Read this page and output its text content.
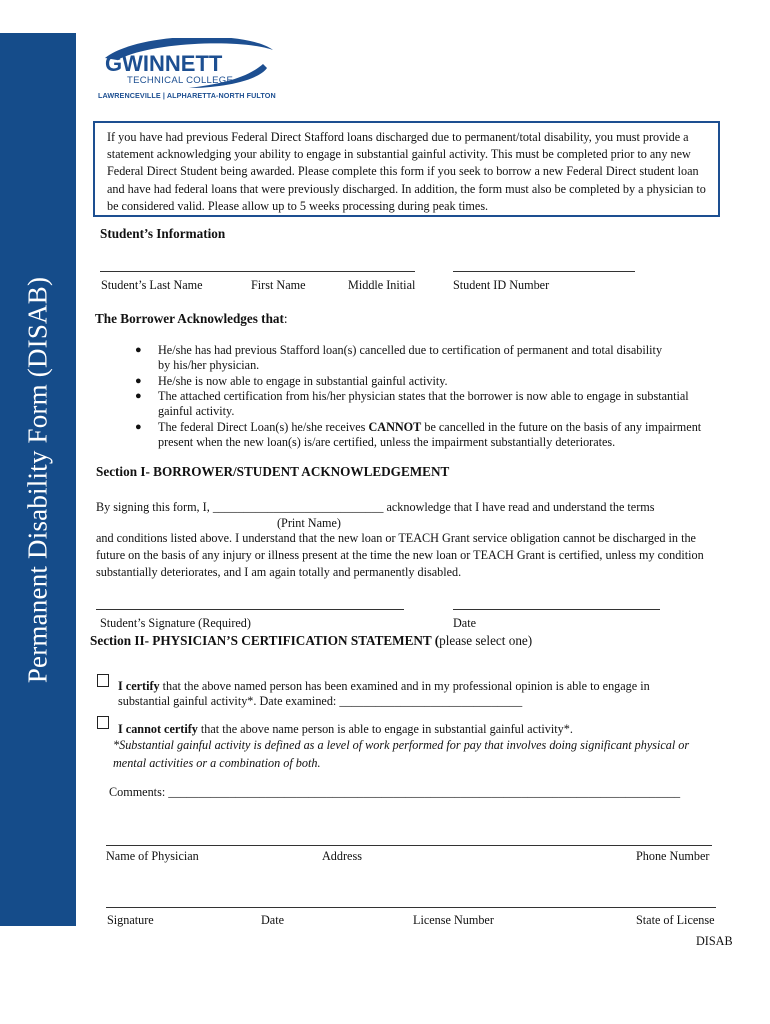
Permanent Disability Form (DISAB)
GWINNETT
TECHNICAL COLLEGE
LAWRENCEVILLE | ALPHARETTA-NORTH FULTON
If you have had previous Federal Direct Stafford loans discharged due to permanent/total disability, you must provide a statement acknowledging your ability to engage in substantial gainful activity. This must be completed prior to any new Federal Direct Student being awarded. Please complete this form if you seek to borrow a new Federal Direct student loan and have had federal loans that were previously discharged. In addition, the form must also be completed by a physician to be considered valid. Please allow up to 5 weeks processing during peak times.
Student’s Information
Student’s Last Name	First Name	Middle Initial	Student ID Number
The Borrower Acknowledges that:
● He/she has had previous Stafford loan(s) cancelled due to certification of permanent and total disability
by his/her physician.
● He/she is now able to engage in substantial gainful activity.
● The attached certification from his/her physician states that the borrower is now able to engage in substantial
gainful activity.
● The federal Direct Loan(s) he/she receives CANNOT be cancelled in the future on the basis of any impairment
present when the new loan(s) is/are certified, unless the impairment substantially deteriorates.
Section I- BORROWER/STUDENT ACKNOWLEDGEMENT
By signing this form, I, ____________________________ acknowledge that I have read and understand the terms
(Print Name)
and conditions listed above. I understand that the new loan or TEACH Grant service obligation cannot be discharged in the
future on the basis of any injury or illness present at the time the new loan or TEACH Grant is certified, unless my condition
substantially deteriorates, and I am again totally and permanently disabled.
Student’s Signature (Required)	Date
Section II- PHYSICIAN’S CERTIFICATION STATEMENT (please select one)
I certify that the above named person has been examined and in my professional opinion is able to engage in
substantial gainful activity*. Date examined: ______________________________
I cannot certify that the above name person is able to engage in substantial gainful activity*.
*Substantial gainful activity is defined as a level of work performed for pay that involves doing significant physical or
mental activities or a combination of both.
Comments: ____________________________________________________________________________________
Name of Physician	Address	Phone Number
Signature	Date	License Number	State of License
DISAB
